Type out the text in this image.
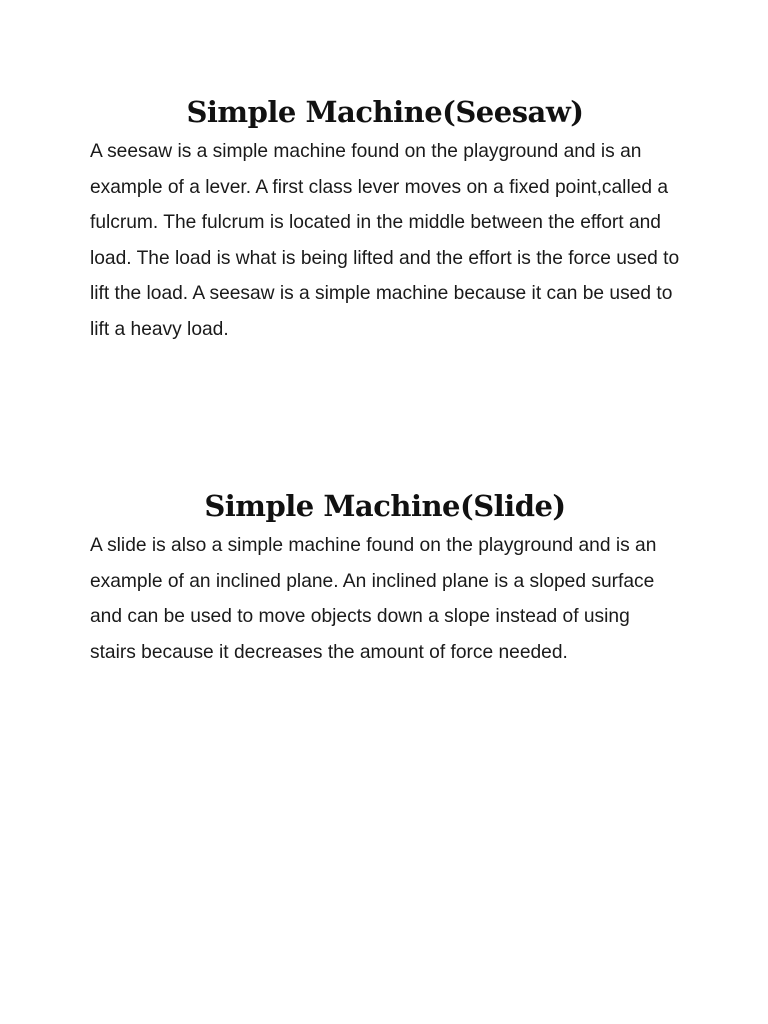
Simple Machine(Seesaw)

A seesaw is a simple machine found on the playground and is an example of a lever. A first class lever moves on a fixed point,called a fulcrum. The fulcrum is located in the middle between the effort and load. The load is what is being lifted and the effort is the force used to lift the load. A seesaw is a simple machine because it can be used to lift a heavy load.

Simple Machine(Slide)

A slide is also a simple machine found on the playground and is an example of an inclined plane. An inclined plane is a sloped surface and can be used to move objects down a slope instead of using stairs because it decreases the amount of force needed.
